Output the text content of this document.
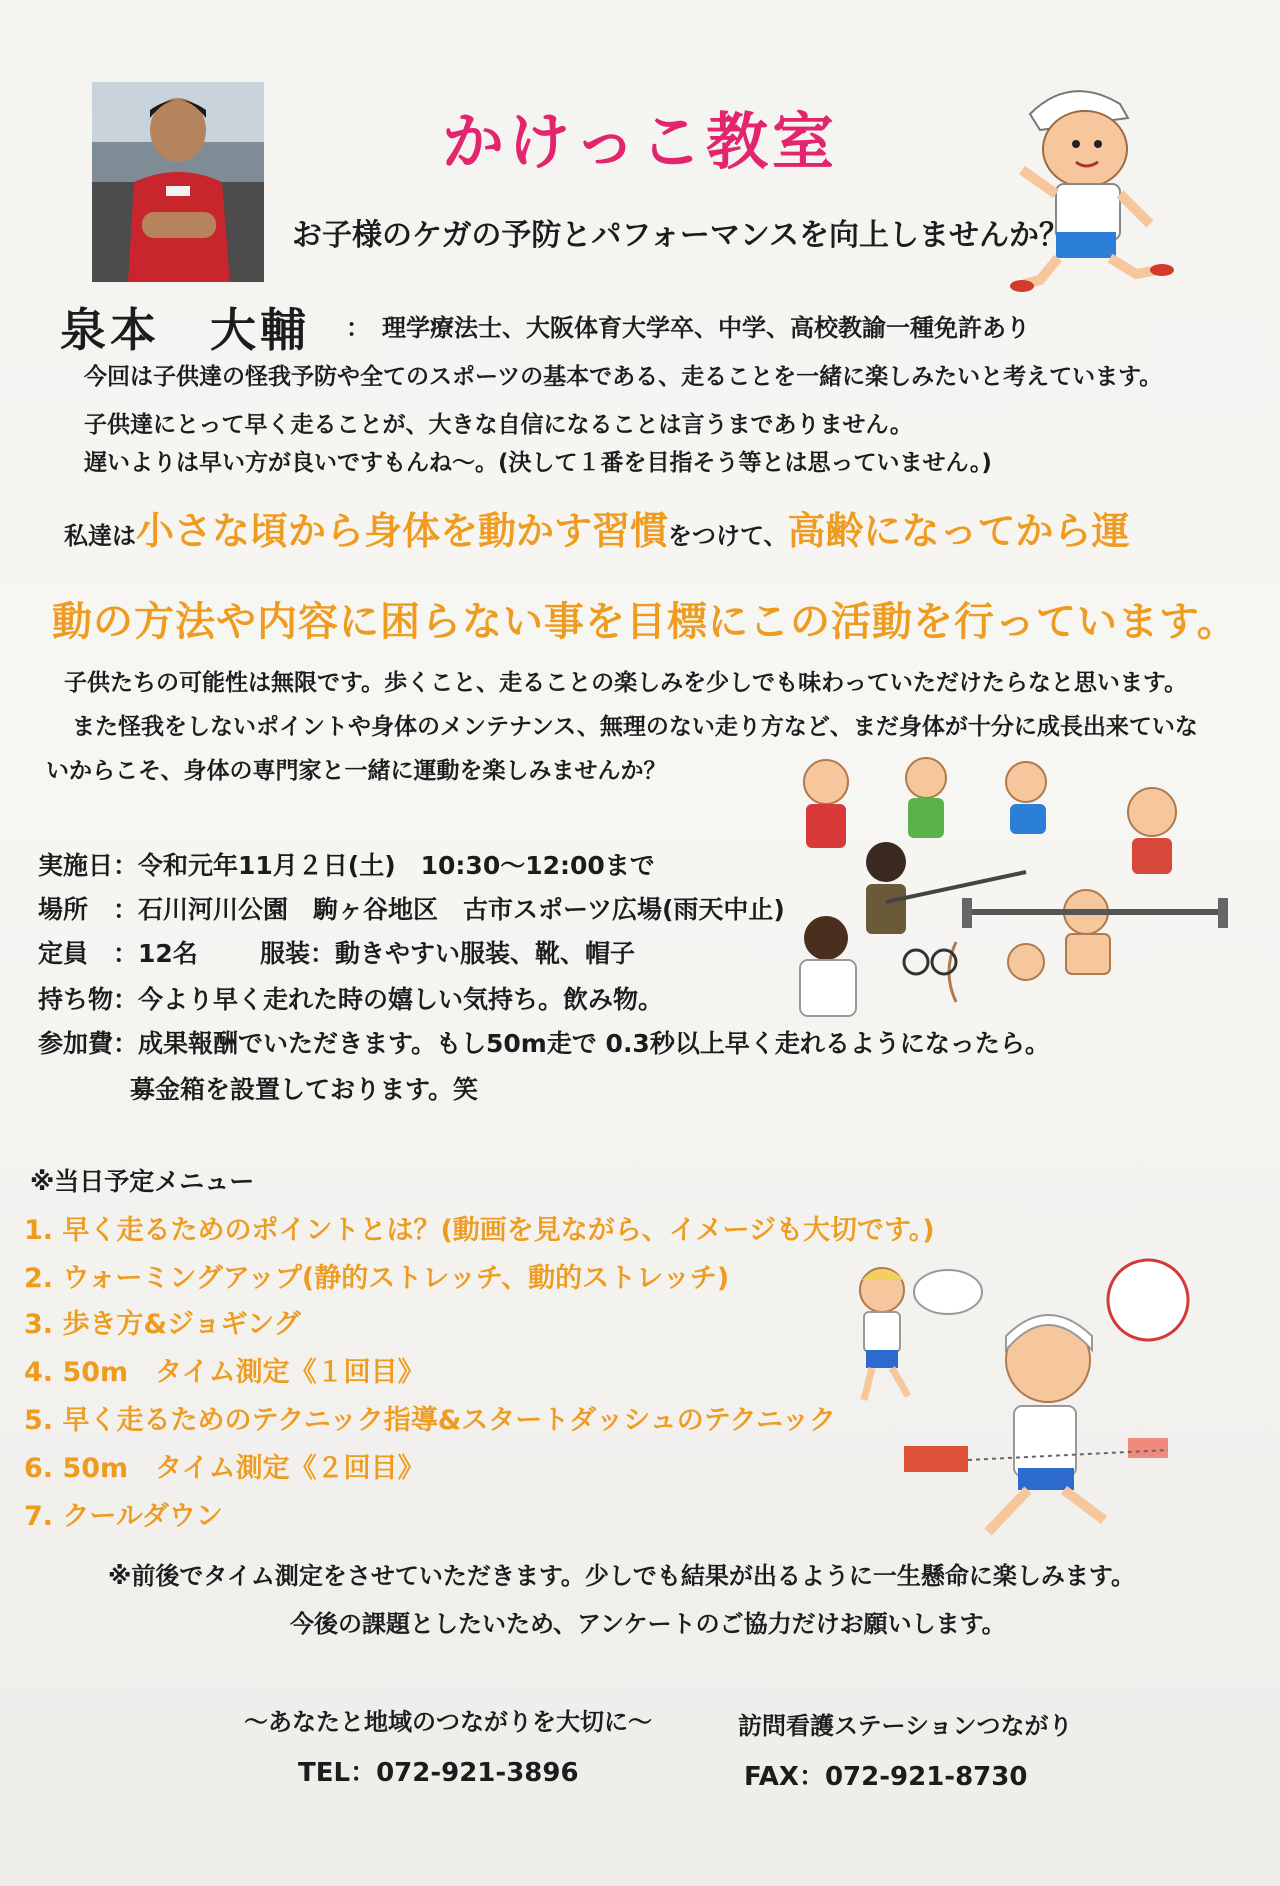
かけっこ教室
お子様のケガの予防とパフォーマンスを向上しませんか？
泉本　大輔 ：　理学療法士、大阪体育大学卒、中学、高校教諭一種免許あり
今回は子供達の怪我予防や全てのスポーツの基本である、走ることを一緒に楽しみたいと考えています。
子供達にとって早く走ることが、大きな自信になることは言うまでありません。
遅いよりは早い方が良いですもんね～。(決して１番を目指そう等とは思っていません。)
私達は小さな頃から身体を動かす習慣をつけて、高齢になってから運
動の方法や内容に困らない事を目標にこの活動を行っています。
子供たちの可能性は無限です。歩くこと、走ることの楽しみを少しでも味わっていただけたらなと思います。
また怪我をしないポイントや身体のメンテナンス、無理のない走り方など、まだ身体が十分に成長出来ていな
いからこそ、身体の専門家と一緒に運動を楽しみませんか？
実施日：令和元年11月２日(土)　10:30～12:00まで
場所　：石川河川公園　駒ヶ谷地区　古市スポーツ広場(雨天中止)
定員　：12名 服装：動きやすい服装、靴、帽子
持ち物：今より早く走れた時の嬉しい気持ち。飲み物。
参加費：成果報酬でいただきます。もし50m走で 0.3秒以上早く走れるようになったら。
募金箱を設置しております。笑
※当日予定メニュー
1. 早く走るためのポイントとは？(動画を見ながら、イメージも大切です。)
2. ウォーミングアップ(静的ストレッチ、動的ストレッチ)
3. 歩き方&ジョギング
4. 50m　タイム測定《１回目》
5. 早く走るためのテクニック指導&スタートダッシュのテクニック
6. 50m　タイム測定《２回目》
7. クールダウン
※前後でタイム測定をさせていただきます。少しでも結果が出るように一生懸命に楽しみます。
今後の課題としたいため、アンケートのご協力だけお願いします。
～あなたと地域のつながりを大切に～	訪問看護ステーションつながり
TEL：072-921-3896	FAX：072-921-8730
